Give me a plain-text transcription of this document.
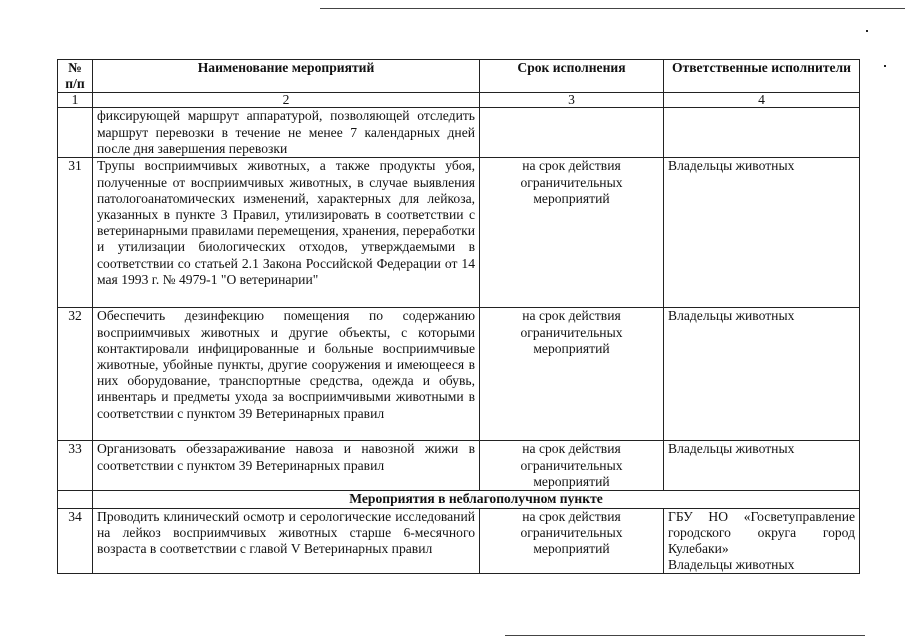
№ п/п	Наименование мероприятий	Срок исполнения	Ответственные исполнители
1	2	3	4
	фиксирующей маршрут аппаратурой, позволяющей отследить маршрут перевозки в течение не менее 7 календарных дней после дня завершения перевозки		
31	Трупы восприимчивых животных, а также продукты убоя, полученные от восприимчивых животных, в случае выявления патологоанатомических изменений, характерных для лейкоза, указанных в пункте 3 Правил, утилизировать в соответствии с ветеринарными правилами перемещения, хранения, переработки и утилизации биологических отходов, утверждаемыми в соответствии со статьей 2.1 Закона Российской Федерации от 14 мая 1993 г. № 4979-1 "О ветеринарии"	на срок действия ограничительных мероприятий	Владельцы животных
32	Обеспечить дезинфекцию помещения по содержанию восприимчивых животных и другие объекты, с которыми контактировали инфицированные и больные восприимчивые животные, убойные пункты, другие сооружения и имеющееся в них оборудование, транспортные средства, одежда и обувь, инвентарь и предметы ухода за восприимчивыми животными в соответствии с пунктом 39 Ветеринарных правил	на срок действия ограничительных мероприятий	Владельцы животных
33	Организовать обеззараживание навоза и навозной жижи в соответствии с пунктом 39 Ветеринарных правил	на срок действия ограничительных мероприятий	Владельцы животных
	Мероприятия в неблагополучном пункте		
34	Проводить клинический осмотр и серологические исследований на лейкоз восприимчивых животных старше 6-месячного возраста в соответствии с главой V Ветеринарных правил	на срок действия ограничительных мероприятий	ГБУ НО «Госветуправление городского округа город Кулебаки»
Владельцы животных
